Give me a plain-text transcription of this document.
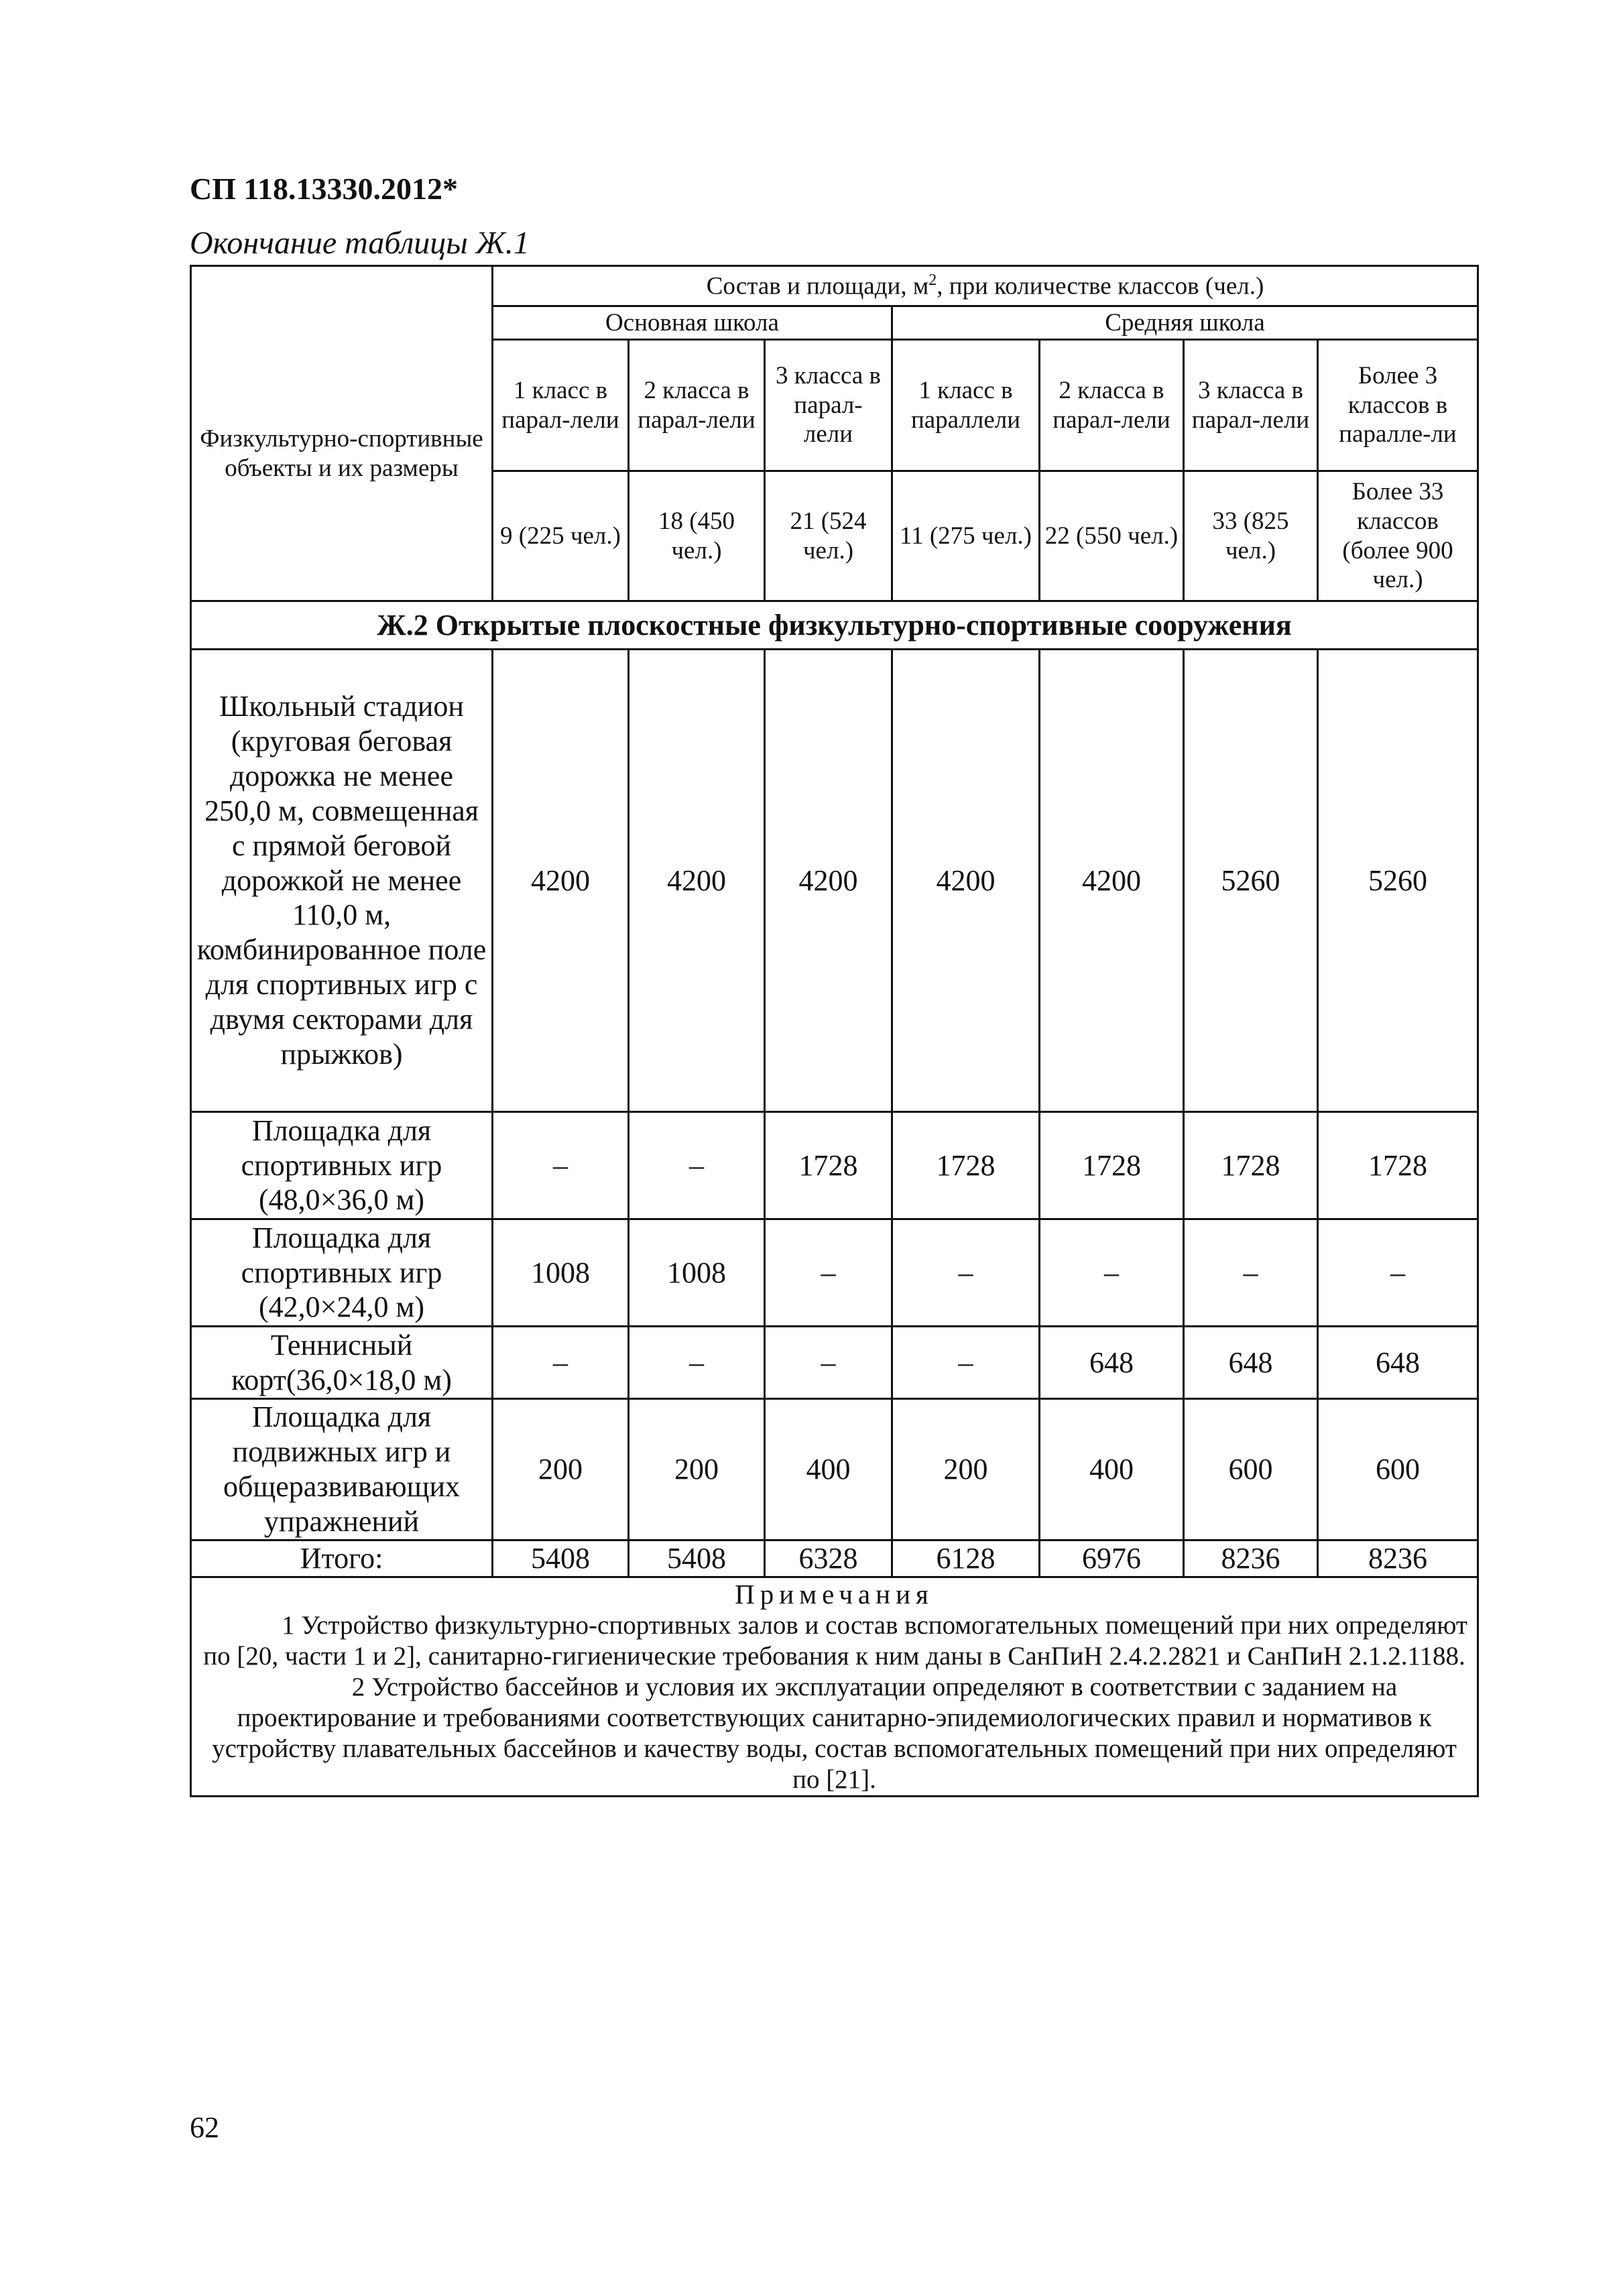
СП 118.13330.2012*

Окончание таблицы Ж.1

Физкультурно-спортивные объекты и их размеры	Состав и площади, $м^2$, при количестве классов (чел.)						
	Основная школа			Средняя школа			
	1 класс в парал-лели	2 класса в парал-лели	3 класса в парал-лели	1 класс в параллели	2 класса в парал-лели	3 класса в парал-лели	Более 3 классов в паралле-ли
	9 (225 чел.)	18 (450 чел.)	21 (524 чел.)	11 (275 чел.)	22 (550 чел.)	33 (825 чел.)	Более 33 классов (более 900 чел.)
Ж.2 Открытые плоскостные физкультурно-спортивные сооружения							
Школьный стадион (круговая беговая дорожка не менее 250,0 м, совмещенная с прямой беговой дорожкой не менее 110,0 м, комбинированное поле для спортивных игр с двумя секторами для прыжков)	4200	4200	4200	4200	4200	5260	5260
Площадка для спортивных игр (48,0×36,0 м)	–	–	1728	1728	1728	1728	1728
Площадка для спортивных игр (42,0×24,0 м)	1008	1008	–	–	–	–	–
Теннисный корт(36,0×18,0 м)	–	–	–	–	648	648	648
Площадка для подвижных игр и общеразвивающих упражнений	200	200	400	200	400	600	600
Итого:	5408	5408	6328	6128	6976	8236	8236

Примечания

1 Устройство физкультурно-спортивных залов и состав вспомогательных помещений при них определяют по [20, части 1 и 2], санитарно-гигиенические требования к ним даны в СанПиН 2.4.2.2821 и СанПиН 2.1.2.1188.

2 Устройство бассейнов и условия их эксплуатации определяют в соответствии с заданием на проектирование и требованиями соответствующих санитарно-эпидемиологических правил и нормативов к устройству плавательных бассейнов и качеству воды, состав вспомогательных помещений при них определяют по [21].							

62
